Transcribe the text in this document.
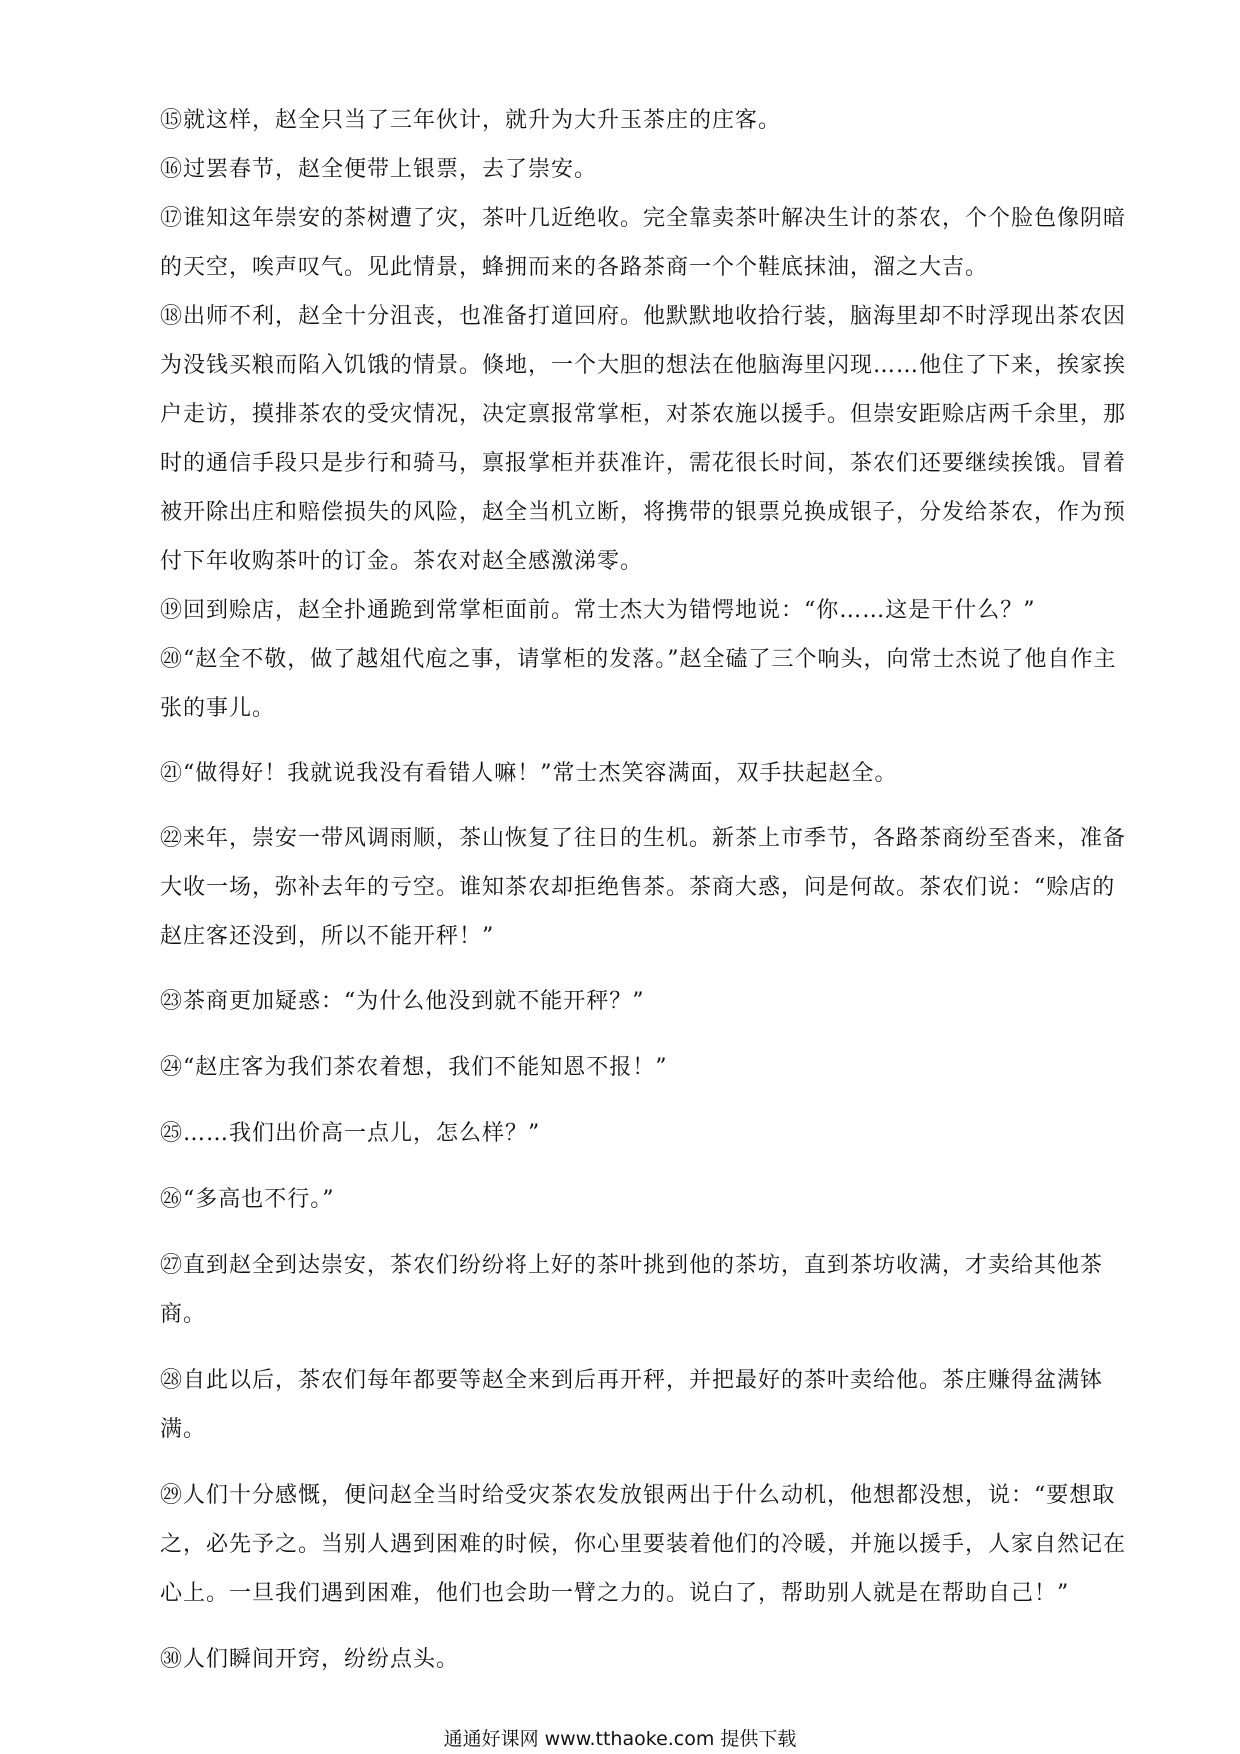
⑮就这样，赵全只当了三年伙计，就升为大升玉茶庄的庄客。

⑯过罢春节，赵全便带上银票，去了崇安。

⑰谁知这年崇安的茶树遭了灾，茶叶几近绝收。完全靠卖茶叶解决生计的茶农，个个脸色像阴暗的天空，唉声叹气。见此情景，蜂拥而来的各路茶商一个个鞋底抹油，溜之大吉。

⑱出师不利，赵全十分沮丧，也准备打道回府。他默默地收拾行装，脑海里却不时浮现出茶农因为没钱买粮而陷入饥饿的情景。倏地，一个大胆的想法在他脑海里闪现……他住了下来，挨家挨户走访，摸排茶农的受灾情况，决定禀报常掌柜，对茶农施以援手。但崇安距赊店两千余里，那时的通信手段只是步行和骑马，禀报掌柜并获准许，需花很长时间，茶农们还要继续挨饿。冒着被开除出庄和赔偿损失的风险，赵全当机立断，将携带的银票兑换成银子，分发给茶农，作为预付下年收购茶叶的订金。茶农对赵全感激涕零。

⑲回到赊店，赵全扑通跪到常掌柜面前。常士杰大为错愕地说：“你……这是干什么？”

⑳“赵全不敬，做了越俎代庖之事，请掌柜的发落。”赵全磕了三个响头，向常士杰说了他自作主张的事儿。

㉑“做得好！我就说我没有看错人嘛！”常士杰笑容满面，双手扶起赵全。

㉒来年，崇安一带风调雨顺，茶山恢复了往日的生机。新茶上市季节，各路茶商纷至沓来，准备大收一场，弥补去年的亏空。谁知茶农却拒绝售茶。茶商大惑，问是何故。茶农们说：“赊店的赵庄客还没到，所以不能开秤！”

㉓茶商更加疑惑：“为什么他没到就不能开秤？”

㉔“赵庄客为我们茶农着想，我们不能知恩不报！”

㉕……我们出价高一点儿，怎么样？”

㉖“多高也不行。”

㉗直到赵全到达崇安，茶农们纷纷将上好的茶叶挑到他的茶坊，直到茶坊收满，才卖给其他茶商。

㉘自此以后，茶农们每年都要等赵全来到后再开秤，并把最好的茶叶卖给他。茶庄赚得盆满钵满。

㉙人们十分感慨，便问赵全当时给受灾茶农发放银两出于什么动机，他想都没想，说：“要想取之，必先予之。当别人遇到困难的时候，你心里要装着他们的冷暖，并施以援手，人家自然记在心上。一旦我们遇到困难，他们也会助一臂之力的。说白了，帮助别人就是在帮助自己！”

㉚人们瞬间开窍，纷纷点头。

通通好课网 www.tthaoke.com 提供下载
